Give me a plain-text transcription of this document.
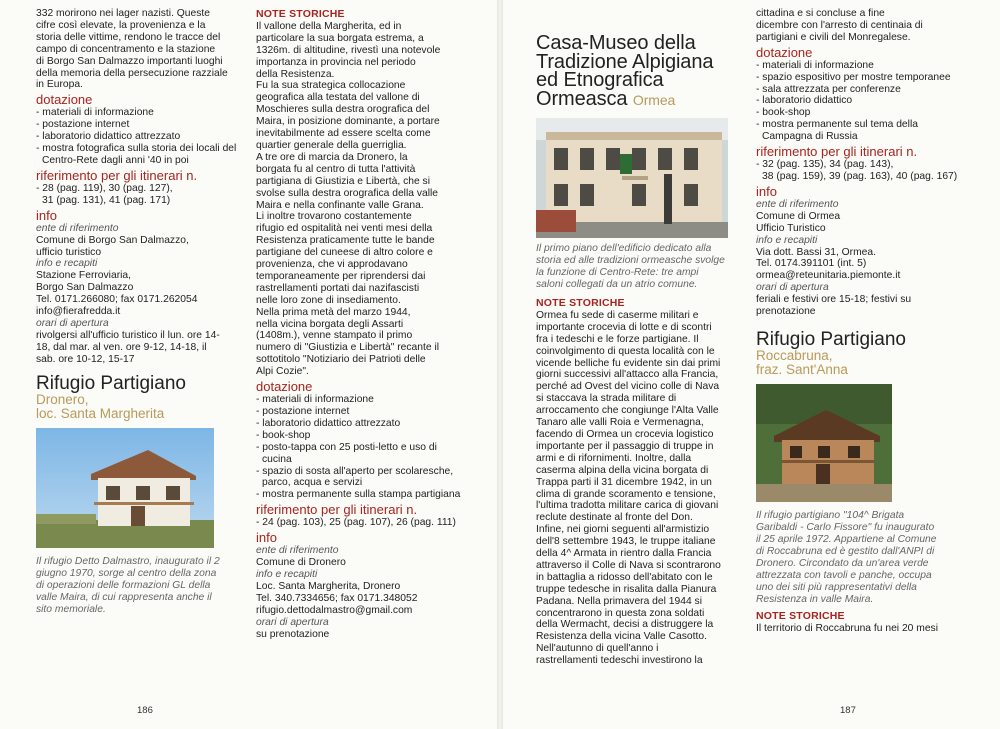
332 morirono nei lager nazisti. Queste

cifre così elevate, la provenienza e la

storia delle vittime, rendono le tracce del

campo di concentramento e la stazione

di Borgo San Dalmazzo importanti luoghi

della memoria della persecuzione razziale

in Europa.

dotazione
- materiali di informazione
- postazione internet
- laboratorio didattico attrezzato
- mostra fotografica sulla storia dei locali del Centro-Rete dagli anni '40 in poi
riferimento per gli itinerari n.

- 28 (pag. 119), 30 (pag. 127),

31 (pag. 131), 41 (pag. 171)

info

ente di riferimento

Comune di Borgo San Dalmazzo,

ufficio turistico

info e recapiti

Stazione Ferroviaria,

Borgo San Dalmazzo

Tel. 0171.266080; fax 0171.262054

info@fierafredda.it

orari di apertura

rivolgersi all'ufficio turistico il lun. ore 14-

18, dal mar. al ven. ore 9-12, 14-18, il

sab. ore 10-12, 15-17

Rifugio Partigiano
Dronero,
loc. Santa Margherita

Il rifugio Detto Dalmastro, inaugurato il 2

giugno 1970, sorge al centro della zona

di operazioni delle formazioni GL della

valle Maira, di cui rappresenta anche il

sito memoriale.

NOTE STORICHE

Il vallone della Margherita, ed in

particolare la sua borgata estrema, a

1326m. di altitudine, rivestì una notevole

importanza in provincia nel periodo

della Resistenza.

Fu la sua strategica collocazione

geografica alla testata del vallone di

Moschieres sulla destra orografica del

Maira, in posizione dominante, a portare

inevitabilmente ad essere scelta come

quartier generale della guerriglia.

A tre ore di marcia da Dronero, la

borgata fu al centro di tutta l'attività

partigiana di Giustizia e Libertà, che si

svolse sulla destra orografica della valle

Maira e nella confinante valle Grana.

Li inoltre trovarono costantemente

rifugio ed ospitalità nei venti mesi della

Resistenza praticamente tutte le bande

partigiane del cuneese di altro colore e

provenienza, che vi approdavano

temporaneamente per riprendersi dai

rastrellamenti portati dai nazifascisti

nelle loro zone di insediamento.

Nella prima metà del marzo 1944,

nella vicina borgata degli Assarti

(1408m.), venne stampato il primo

numero di "Giustizia e Libertà" recante il

sottotitolo "Notiziario dei Patrioti delle

Alpi Cozie".

dotazione
- materiali di informazione
- postazione internet
- laboratorio didattico attrezzato
- book-shop
- posto-tappa con 25 posti-letto e uso di cucina
- spazio di sosta all'aperto per scolaresche, parco, acqua e servizi
- mostra permanente sulla stampa partigiana
riferimento per gli itinerari n.

- 24 (pag. 103), 25 (pag. 107), 26 (pag. 111)

info

ente di riferimento

Comune di Dronero

info e recapiti

Loc. Santa Margherita, Dronero

Tel. 340.7334656; fax 0171.348052

rifugio.dettodalmastro@gmail.com

orari di apertura

su prenotazione

Casa-Museo della
Tradizione Alpigiana
ed Etnografica
Ormeasca Ormea

Il primo piano dell'edificio dedicato alla

storia ed alle tradizioni ormeasche svolge

la funzione di Centro-Rete: tre ampi

saloni collegati da un atrio comune.

NOTE STORICHE

Ormea fu sede di caserme militari e

importante crocevia di lotte e di scontri

fra i tedeschi e le forze partigiane. Il

coinvolgimento di questa località con le

vicende belliche fu evidente sin dai primi

giorni successivi all'attacco alla Francia,

perché ad Ovest del vicino colle di Nava

si staccava la strada militare di

arroccamento che congiunge l'Alta Valle

Tanaro alle valli Roia e Vermenagna,

facendo di Ormea un crocevia logistico

importante per il passaggio di truppe in

armi e di rifornimenti. Inoltre, dalla

caserma alpina della vicina borgata di

Trappa parti il 31 dicembre 1942, in un

clima di grande scoramento e tensione,

l'ultima tradotta militare carica di giovani

reclute destinate al fronte del Don.

Infine, nei giorni seguenti all'armistizio

dell'8 settembre 1943, le truppe italiane

della 4^ Armata in rientro dalla Francia

attraverso il Colle di Nava si scontrarono

in battaglia a ridosso dell'abitato con le

truppe tedesche in risalita dalla Pianura

Padana. Nella primavera del 1944 si

concentrarono in questa zona soldati

della Wermacht, decisi a distruggere la

Resistenza della vicina Valle Casotto.

Nell'autunno di quell'anno i

rastrellamenti tedeschi investirono la

cittadina e si concluse a fine

dicembre con l'arresto di centinaia di

partigiani e civili del Monregalese.

dotazione
- materiali di informazione
- spazio espositivo per mostre temporanee
- sala attrezzata per conferenze
- laboratorio didattico
- book-shop
- mostra permanente sul tema della Campagna di Russia
riferimento per gli itinerari n.

- 32 (pag. 135), 34 (pag. 143),

38 (pag. 159), 39 (pag. 163), 40 (pag. 167)

info

ente di riferimento

Comune di Ormea

Ufficio Turistico

info e recapiti

Via dott. Bassi 31, Ormea.

Tel. 0174.391101 (int. 5)

ormea@reteunitaria.piemonte.it

orari di apertura

feriali e festivi ore 15-18; festivi su

prenotazione

Rifugio Partigiano
Roccabruna,
fraz. Sant'Anna

Il rifugio partigiano "104^ Brigata

Garibaldi - Carlo Fissore" fu inaugurato

il 25 aprile 1972. Appartiene al Comune

di Roccabruna ed è gestito dall'ANPI di

Dronero. Circondato da un'area verde

attrezzata con tavoli e panche, occupa

uno dei siti più rappresentativi della

Resistenza in valle Maira.

NOTE STORICHE

Il territorio di Roccabruna fu nei 20 mesi

186	187
